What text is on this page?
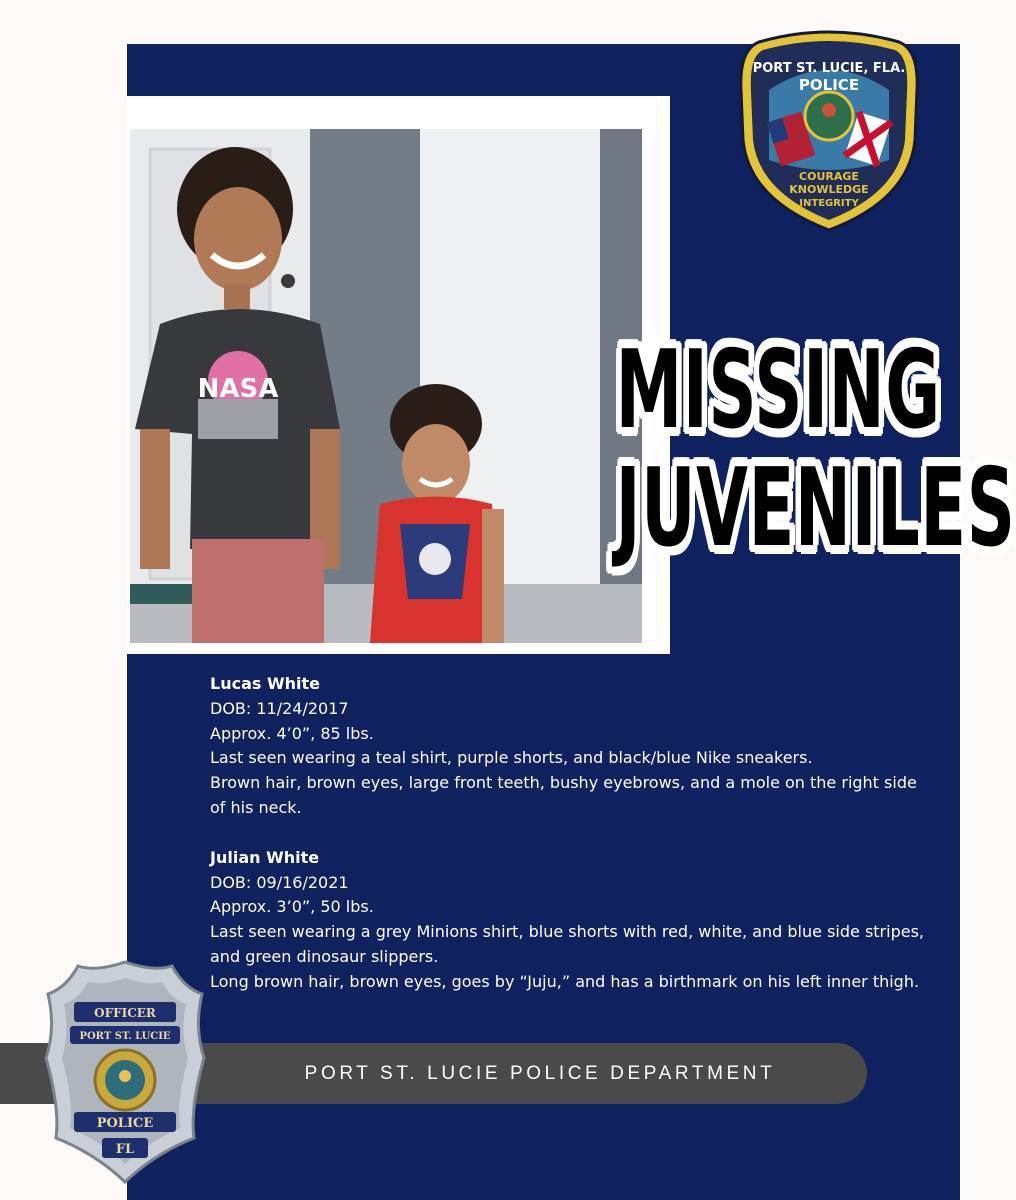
NASA	MISSING
JUVENILES
PORT ST. LUCIE, FLA.
POLICE
COURAGE
KNOWLEDGE
INTEGRITY

Lucas White

DOB: 11/24/2017

Approx. 4’0”, 85 lbs.

Last seen wearing a teal shirt, purple shorts, and black/blue Nike sneakers.

Brown hair, brown eyes, large front teeth, bushy eyebrows, and a mole on the right side of his neck.

Julian White

DOB: 09/16/2021

Approx. 3’0”, 50 lbs.

Last seen wearing a grey Minions shirt, blue shorts with red, white, and blue side stripes, and green dinosaur slippers.

Long brown hair, brown eyes, goes by “Juju,” and has a birthmark on his left inner thigh.

PORT ST. LUCIE POLICE DEPARTMENT
OFFICER
PORT ST. LUCIE
POLICE
FL
